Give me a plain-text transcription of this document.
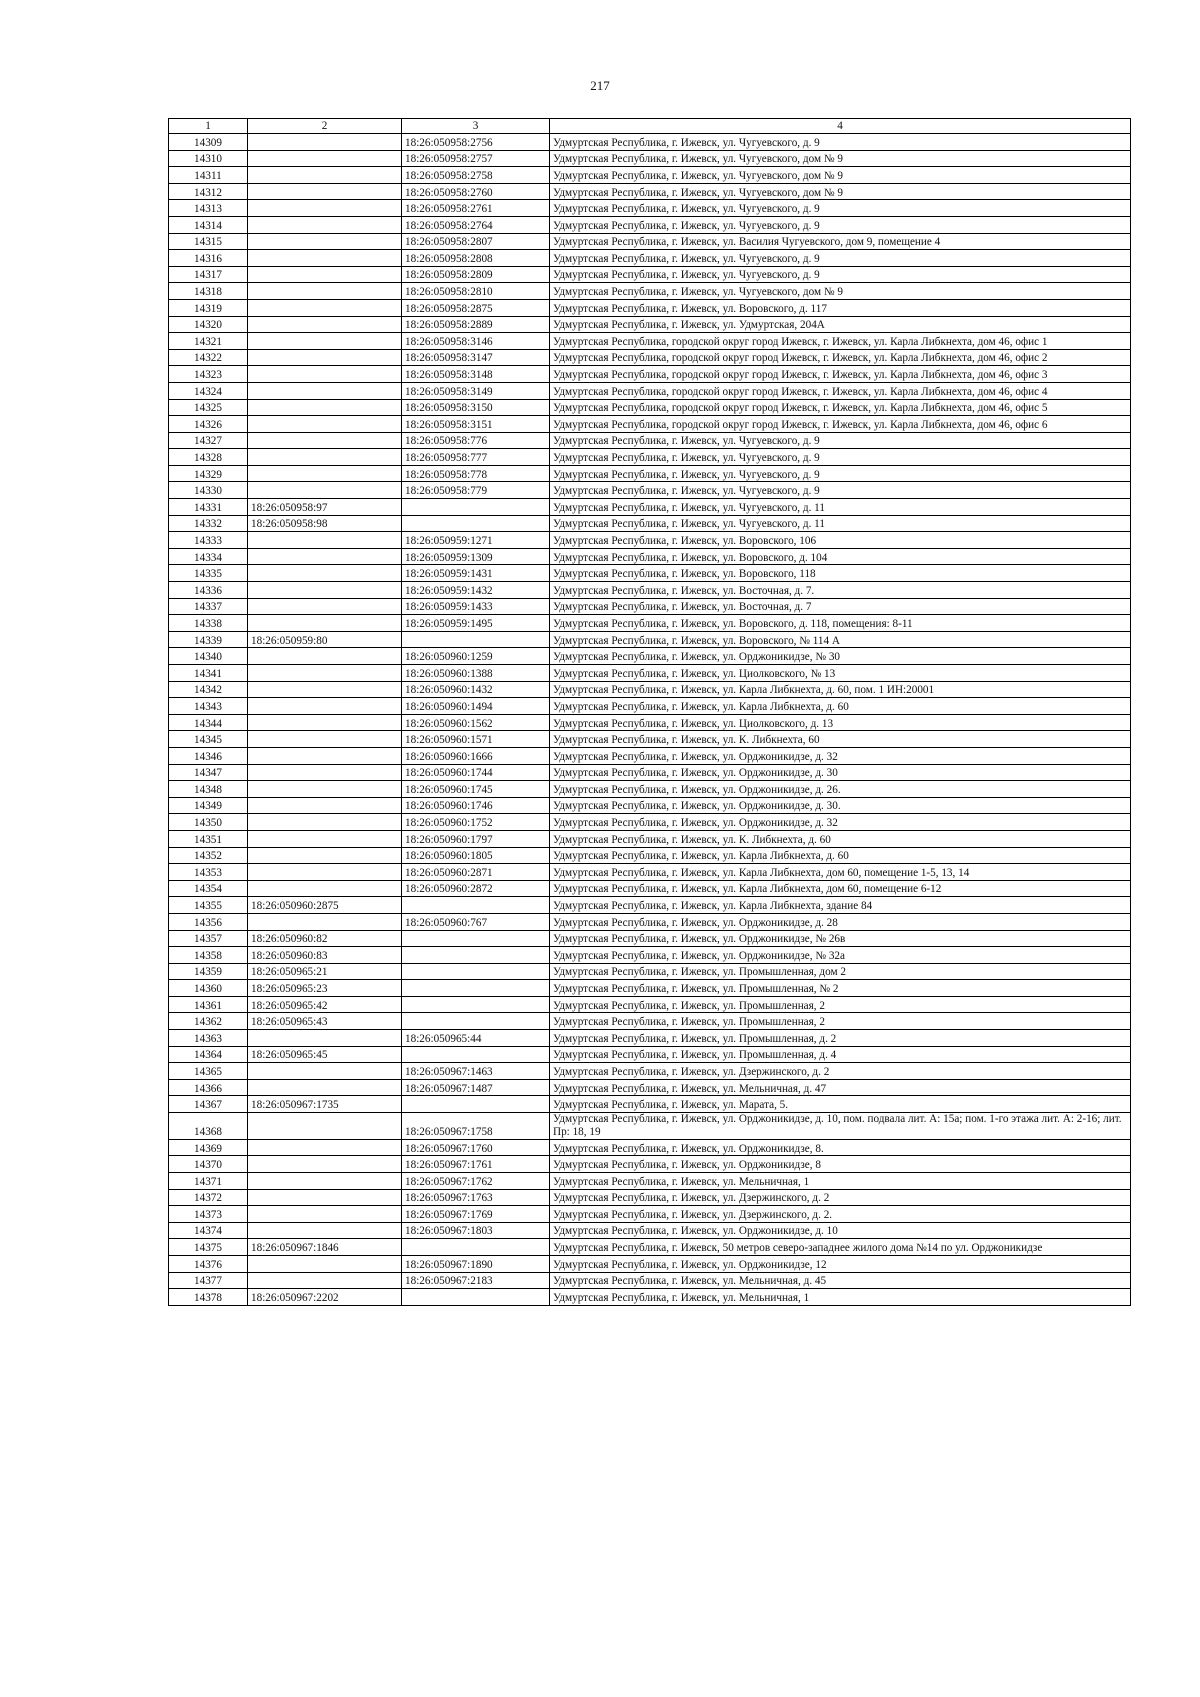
217
1	2	3	4
14309		18:26:050958:2756	Удмуртская Республика, г. Ижевск, ул. Чугуевского, д. 9
14310		18:26:050958:2757	Удмуртская Республика, г. Ижевск, ул. Чугуевского, дом № 9
14311		18:26:050958:2758	Удмуртская Республика, г. Ижевск, ул. Чугуевского, дом № 9
14312		18:26:050958:2760	Удмуртская Республика, г. Ижевск, ул. Чугуевского, дом № 9
14313		18:26:050958:2761	Удмуртская Республика, г. Ижевск, ул. Чугуевского, д. 9
14314		18:26:050958:2764	Удмуртская Республика, г. Ижевск, ул. Чугуевского, д. 9
14315		18:26:050958:2807	Удмуртская Республика, г. Ижевск, ул. Василия Чугуевского, дом 9, помещение 4
14316		18:26:050958:2808	Удмуртская Республика, г. Ижевск, ул. Чугуевского, д. 9
14317		18:26:050958:2809	Удмуртская Республика, г. Ижевск, ул. Чугуевского, д. 9
14318		18:26:050958:2810	Удмуртская Республика, г. Ижевск, ул. Чугуевского, дом № 9
14319		18:26:050958:2875	Удмуртская Республика, г. Ижевск, ул. Воровского, д. 117
14320		18:26:050958:2889	Удмуртская Республика, г. Ижевск, ул. Удмуртская, 204А
14321		18:26:050958:3146	Удмуртская Республика, городской округ город Ижевск, г. Ижевск, ул. Карла Либкнехта, дом 46, офис 1
14322		18:26:050958:3147	Удмуртская Республика, городской округ город Ижевск, г. Ижевск, ул. Карла Либкнехта, дом 46, офис 2
14323		18:26:050958:3148	Удмуртская Республика, городской округ город Ижевск, г. Ижевск, ул. Карла Либкнехта, дом 46, офис 3
14324		18:26:050958:3149	Удмуртская Республика, городской округ город Ижевск, г. Ижевск, ул. Карла Либкнехта, дом 46, офис 4
14325		18:26:050958:3150	Удмуртская Республика, городской округ город Ижевск, г. Ижевск, ул. Карла Либкнехта, дом 46, офис 5
14326		18:26:050958:3151	Удмуртская Республика, городской округ город Ижевск, г. Ижевск, ул. Карла Либкнехта, дом 46, офис 6
14327		18:26:050958:776	Удмуртская Республика, г. Ижевск, ул. Чугуевского, д. 9
14328		18:26:050958:777	Удмуртская Республика, г. Ижевск, ул. Чугуевского, д. 9
14329		18:26:050958:778	Удмуртская Республика, г. Ижевск, ул. Чугуевского, д. 9
14330		18:26:050958:779	Удмуртская Республика, г. Ижевск, ул. Чугуевского, д. 9
14331	18:26:050958:97		Удмуртская Республика, г. Ижевск, ул. Чугуевского, д. 11
14332	18:26:050958:98		Удмуртская Республика, г. Ижевск, ул. Чугуевского, д. 11
14333		18:26:050959:1271	Удмуртская Республика, г. Ижевск, ул. Воровского, 106
14334		18:26:050959:1309	Удмуртская Республика, г. Ижевск, ул. Воровского, д. 104
14335		18:26:050959:1431	Удмуртская Республика, г. Ижевск, ул. Воровского, 118
14336		18:26:050959:1432	Удмуртская Республика, г. Ижевск, ул. Восточная, д. 7.
14337		18:26:050959:1433	Удмуртская Республика, г. Ижевск, ул. Восточная, д. 7
14338		18:26:050959:1495	Удмуртская Республика, г. Ижевск, ул. Воровского, д. 118, помещения: 8-11
14339	18:26:050959:80		Удмуртская Республика, г. Ижевск, ул. Воровского, № 114 А
14340		18:26:050960:1259	Удмуртская Республика, г. Ижевск, ул. Орджоникидзе, № 30
14341		18:26:050960:1388	Удмуртская Республика, г. Ижевск, ул. Циолковского, № 13
14342		18:26:050960:1432	Удмуртская Республика, г. Ижевск, ул. Карла Либкнехта, д. 60, пом. 1 ИН:20001
14343		18:26:050960:1494	Удмуртская Республика, г. Ижевск, ул. Карла Либкнехта, д. 60
14344		18:26:050960:1562	Удмуртская Республика, г. Ижевск, ул. Циолковского, д. 13
14345		18:26:050960:1571	Удмуртская Республика, г. Ижевск, ул. К. Либкнехта, 60
14346		18:26:050960:1666	Удмуртская Республика, г. Ижевск, ул. Орджоникидзе, д. 32
14347		18:26:050960:1744	Удмуртская Республика, г. Ижевск, ул. Орджоникидзе, д. 30
14348		18:26:050960:1745	Удмуртская Республика, г. Ижевск, ул. Орджоникидзе, д. 26.
14349		18:26:050960:1746	Удмуртская Республика, г. Ижевск, ул. Орджоникидзе, д. 30.
14350		18:26:050960:1752	Удмуртская Республика, г. Ижевск, ул. Орджоникидзе, д. 32
14351		18:26:050960:1797	Удмуртская Республика, г. Ижевск, ул. К. Либкнехта, д. 60
14352		18:26:050960:1805	Удмуртская Республика, г. Ижевск, ул. Карла Либкнехта, д. 60
14353		18:26:050960:2871	Удмуртская Республика, г. Ижевск, ул. Карла Либкнехта, дом 60, помещение 1-5, 13, 14
14354		18:26:050960:2872	Удмуртская Республика, г. Ижевск, ул. Карла Либкнехта, дом 60, помещение 6-12
14355	18:26:050960:2875		Удмуртская Республика, г. Ижевск, ул. Карла Либкнехта, здание 84
14356		18:26:050960:767	Удмуртская Республика, г. Ижевск, ул. Орджоникидзе, д. 28
14357	18:26:050960:82		Удмуртская Республика, г. Ижевск, ул. Орджоникидзе, № 26в
14358	18:26:050960:83		Удмуртская Республика, г. Ижевск, ул. Орджоникидзе, № 32а
14359	18:26:050965:21		Удмуртская Республика, г. Ижевск, ул. Промышленная, дом 2
14360	18:26:050965:23		Удмуртская Республика, г. Ижевск, ул. Промышленная, № 2
14361	18:26:050965:42		Удмуртская Республика, г. Ижевск, ул. Промышленная, 2
14362	18:26:050965:43		Удмуртская Республика, г. Ижевск, ул. Промышленная, 2
14363		18:26:050965:44	Удмуртская Республика, г. Ижевск, ул. Промышленная, д. 2
14364	18:26:050965:45		Удмуртская Республика, г. Ижевск, ул. Промышленная, д. 4
14365		18:26:050967:1463	Удмуртская Республика, г. Ижевск, ул. Дзержинского, д. 2
14366		18:26:050967:1487	Удмуртская Республика, г. Ижевск, ул. Мельничная, д. 47
14367	18:26:050967:1735		Удмуртская Республика, г. Ижевск, ул. Марата, 5.
14368		18:26:050967:1758	Удмуртская Республика, г. Ижевск, ул. Орджоникидзе, д. 10, пом. подвала лит. А: 15а; пом. 1-го этажа лит. А: 2-16; лит. Пр: 18, 19
14369		18:26:050967:1760	Удмуртская Республика, г. Ижевск, ул. Орджоникидзе, 8.
14370		18:26:050967:1761	Удмуртская Республика, г. Ижевск, ул. Орджоникидзе, 8
14371		18:26:050967:1762	Удмуртская Республика, г. Ижевск, ул. Мельничная, 1
14372		18:26:050967:1763	Удмуртская Республика, г. Ижевск, ул. Дзержинского, д. 2
14373		18:26:050967:1769	Удмуртская Республика, г. Ижевск, ул. Дзержинского, д. 2.
14374		18:26:050967:1803	Удмуртская Республика, г. Ижевск, ул. Орджоникидзе, д. 10
14375	18:26:050967:1846		Удмуртская Республика, г. Ижевск, 50 метров северо-западнее жилого дома №14 по ул. Орджоникидзе
14376		18:26:050967:1890	Удмуртская Республика, г. Ижевск, ул. Орджоникидзе, 12
14377		18:26:050967:2183	Удмуртская Республика, г. Ижевск, ул. Мельничная, д. 45
14378	18:26:050967:2202		Удмуртская Республика, г. Ижевск, ул. Мельничная, 1
